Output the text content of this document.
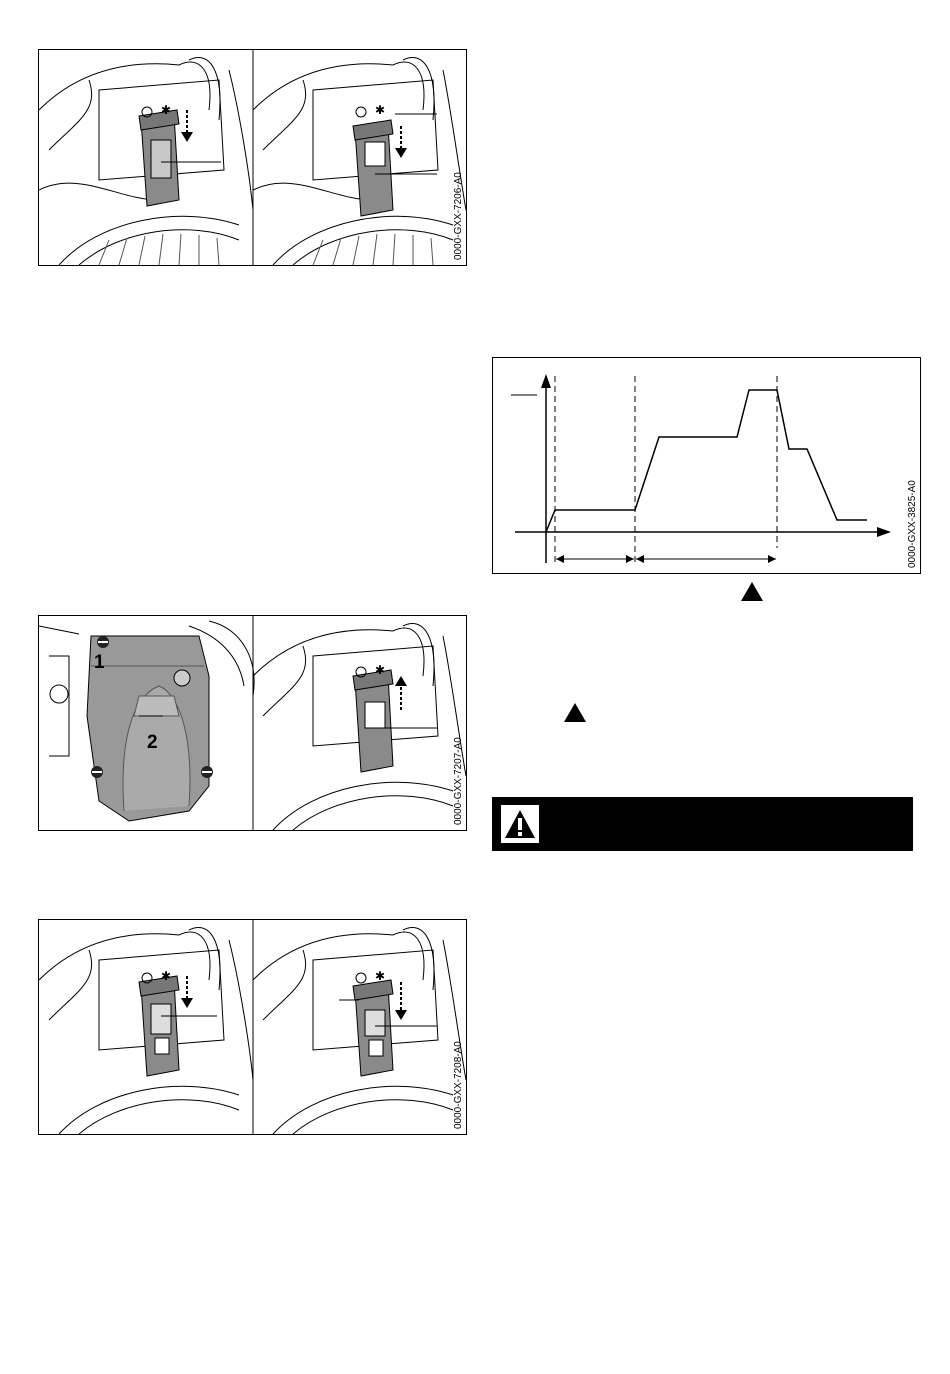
✱	✱
0000-GXX-7206-A0
0000-GXX-3825-A0
1
2
✱
0000-GXX-7207-A0
✱	✱
0000-GXX-7208-A0
